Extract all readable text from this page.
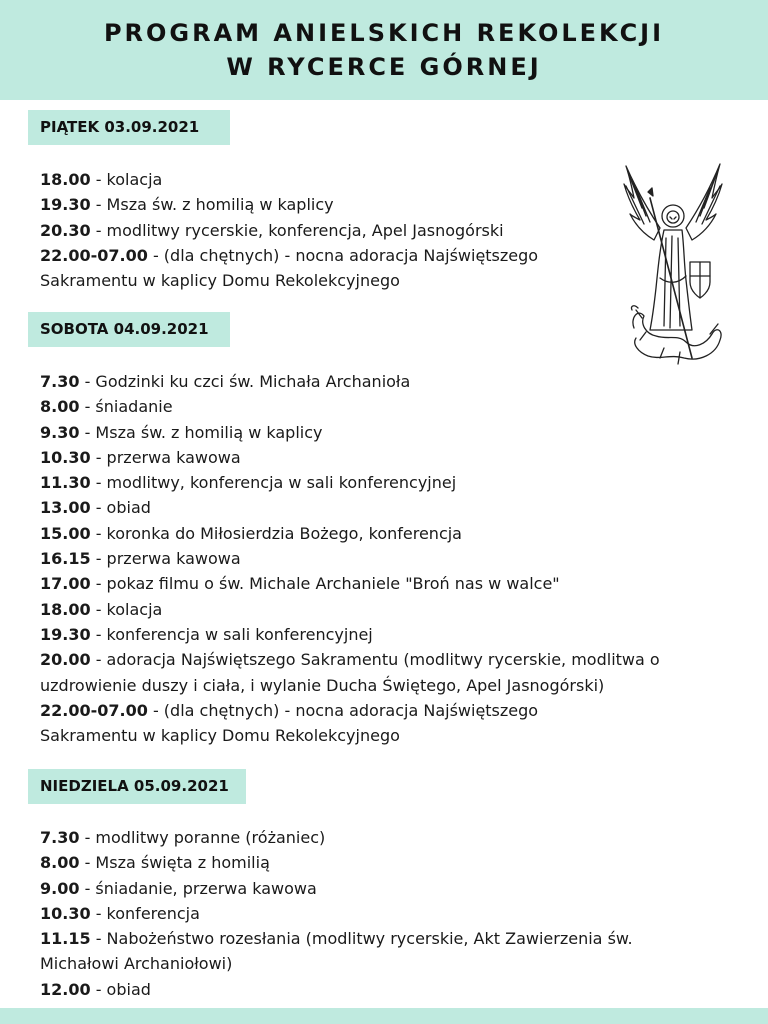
PROGRAM ANIELSKICH REKOLEKCJI
W RYCERCE GÓRNEJ
PIĄTEK 03.09.2021
18.00 - kolacja
19.30 - Msza św. z homilią w kaplicy
20.30 - modlitwy rycerskie, konferencja, Apel Jasnogórski
22.00-07.00 - (dla chętnych) - nocna adoracja Najświętszego Sakramentu w kaplicy Domu Rekolekcyjnego
SOBOTA 04.09.2021
7.30 - Godzinki ku czci św. Michała Archanioła
8.00 - śniadanie
9.30 - Msza św. z homilią w kaplicy
10.30 - przerwa kawowa
11.30 - modlitwy, konferencja w sali konferencyjnej
13.00 - obiad
15.00 - koronka do Miłosierdzia Bożego, konferencja
16.15 - przerwa kawowa
17.00 - pokaz filmu o św. Michale Archaniele "Broń nas w walce"
18.00 - kolacja
19.30 - konferencja w sali konferencyjnej
20.00 - adoracja Najświętszego Sakramentu (modlitwy rycerskie, modlitwa o uzdrowienie duszy i ciała, i wylanie Ducha Świętego, Apel Jasnogórski)
22.00-07.00 - (dla chętnych) - nocna adoracja Najświętszego Sakramentu w kaplicy Domu Rekolekcyjnego
NIEDZIELA 05.09.2021
7.30 - modlitwy poranne (różaniec)
8.00 - Msza święta z homilią
9.00 - śniadanie, przerwa kawowa
10.30 - konferencja
11.15 - Nabożeństwo rozesłania (modlitwy rycerskie, Akt Zawierzenia św. Michałowi Archaniołowi)
12.00 - obiad
